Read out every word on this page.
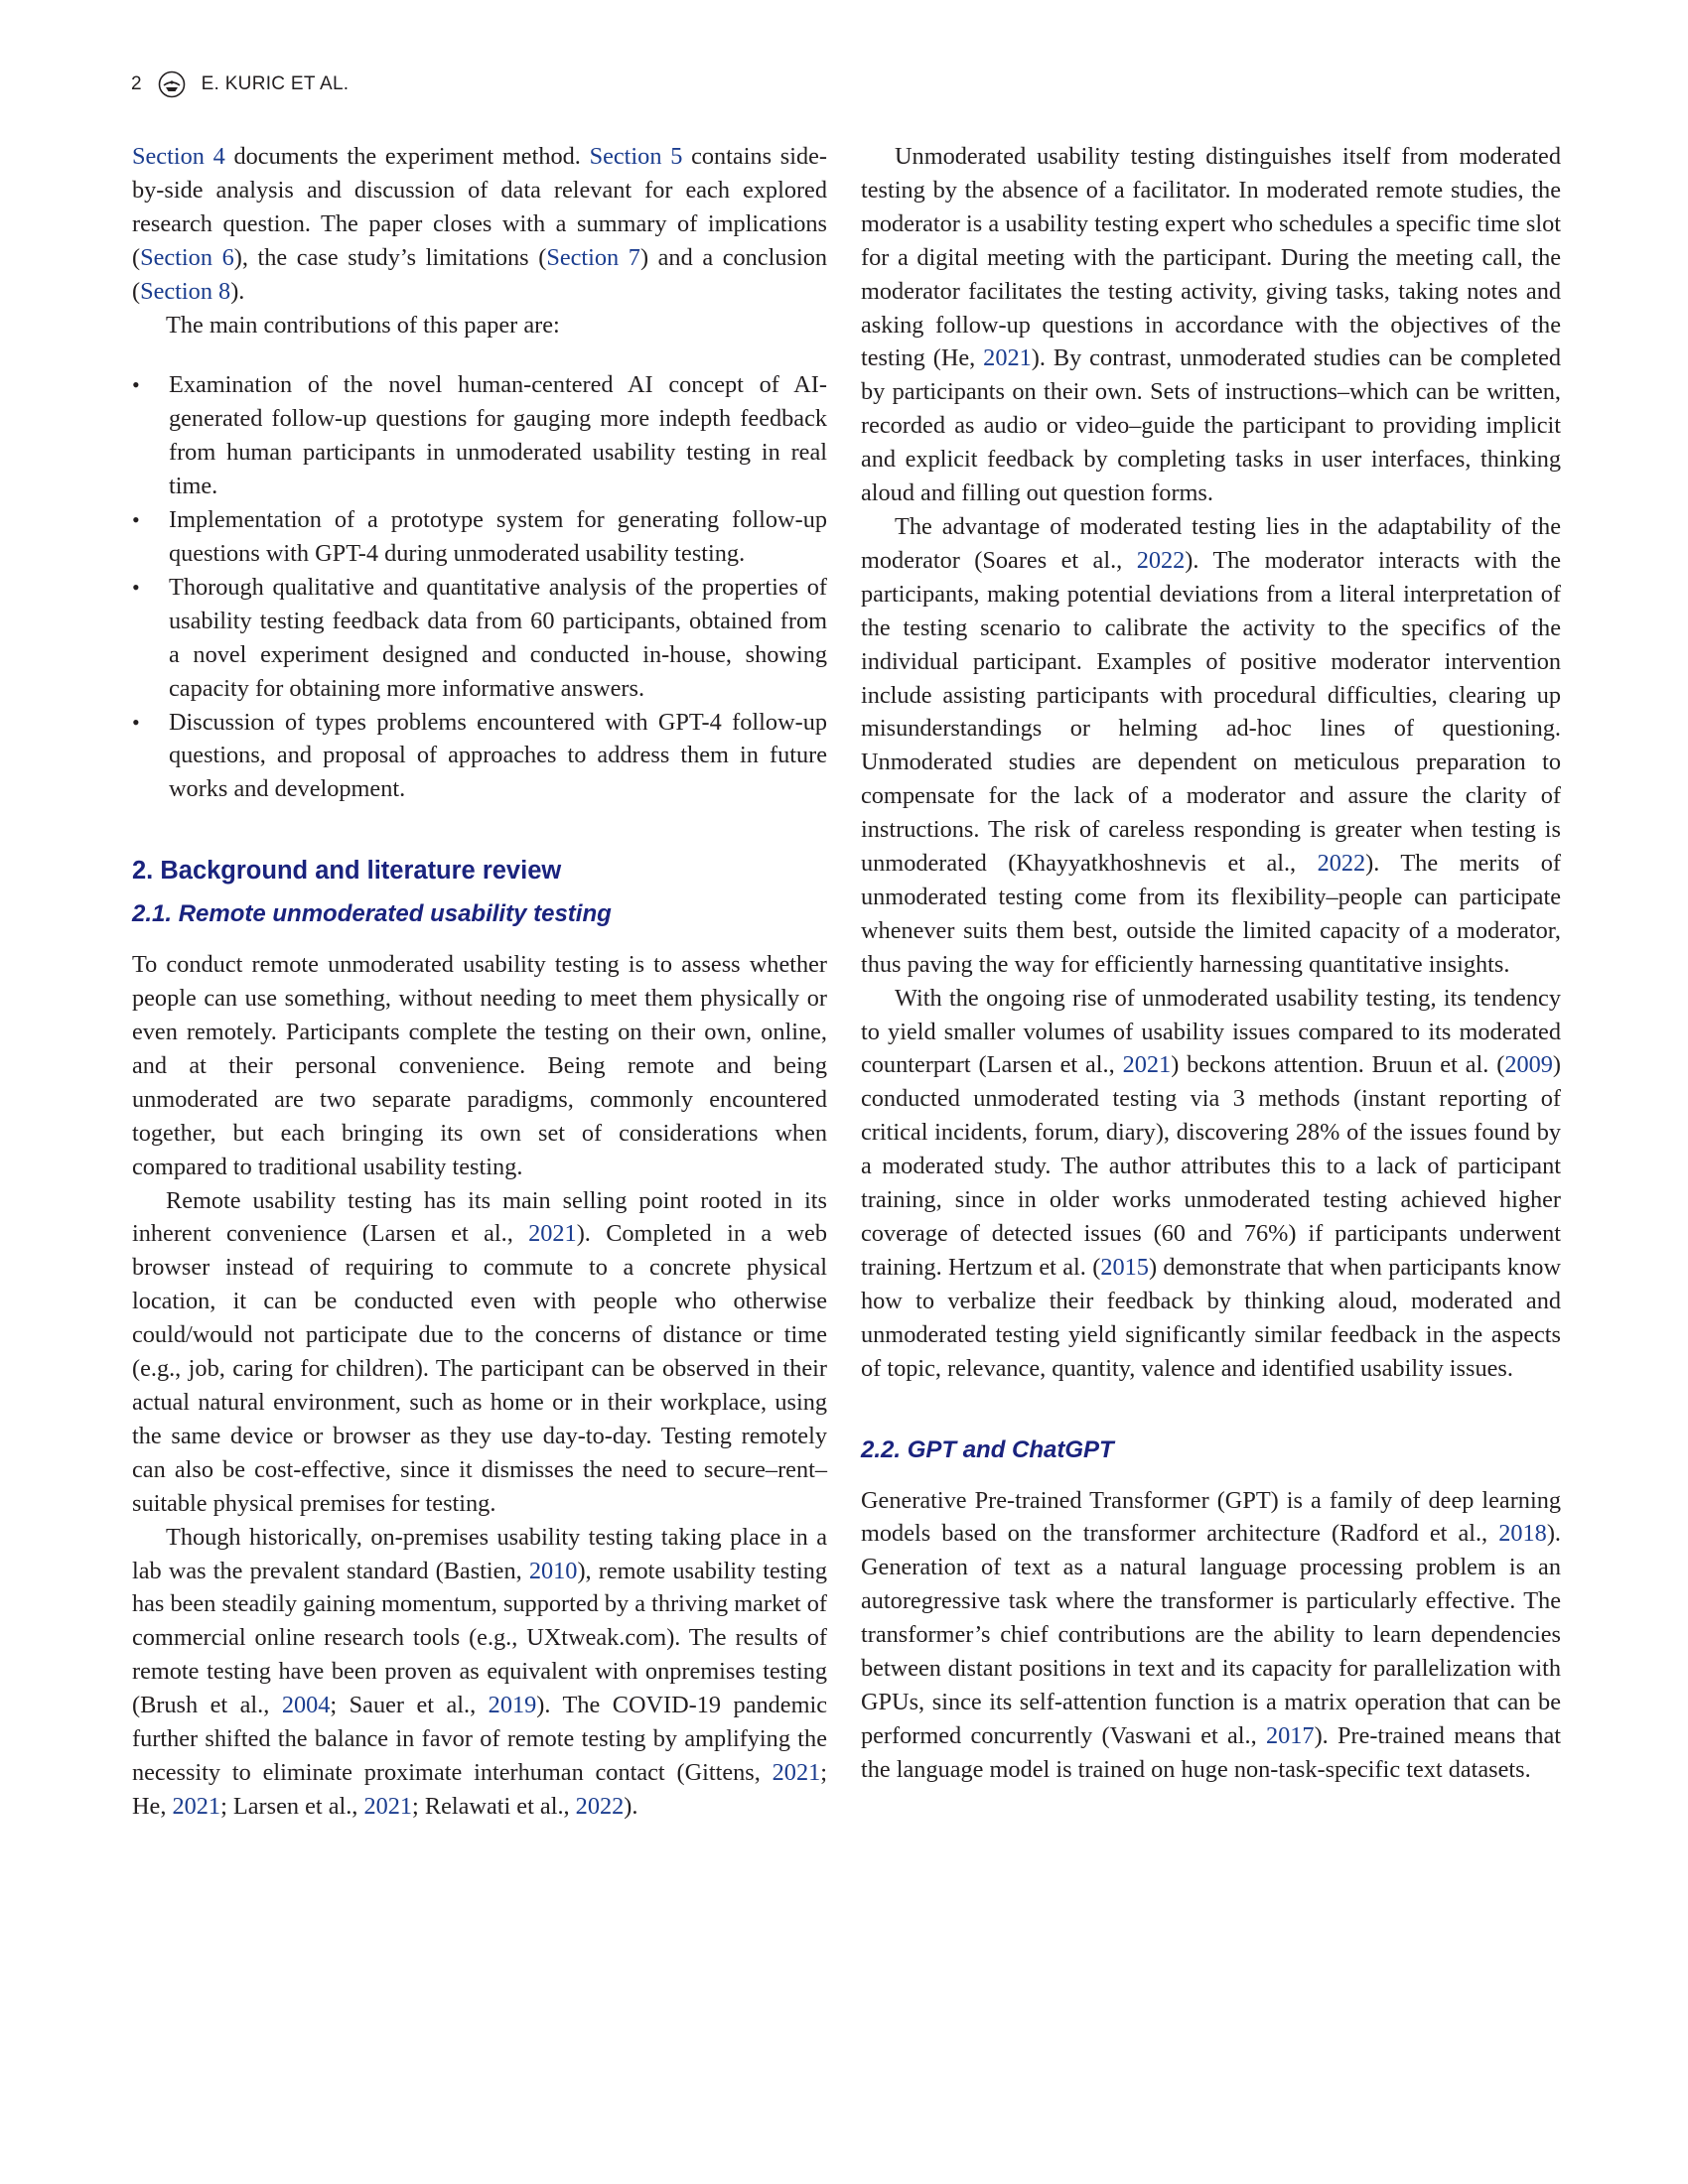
2	E. KURIC ET AL.

Section 4 documents the experiment method. Section 5 contains side-by-side analysis and discussion of data relevant for each explored research question. The paper closes with a summary of implications (Section 6), the case study’s limitations (Section 7) and a conclusion (Section 8).

The main contributions of this paper are:

• Examination of the novel human-centered AI concept of AI-generated follow-up questions for gauging more indepth feedback from human participants in unmoderated usability testing in real time.
• Implementation of a prototype system for generating follow-up questions with GPT-4 during unmoderated usability testing.
• Thorough qualitative and quantitative analysis of the properties of usability testing feedback data from 60 participants, obtained from a novel experiment designed and conducted in-house, showing capacity for obtaining more informative answers.
• Discussion of types problems encountered with GPT-4 follow-up questions, and proposal of approaches to address them in future works and development.
2. Background and literature review
2.1. Remote unmoderated usability testing

To conduct remote unmoderated usability testing is to assess whether people can use something, without needing to meet them physically or even remotely. Participants complete the testing on their own, online, and at their personal convenience. Being remote and being unmoderated are two separate paradigms, commonly encountered together, but each bringing its own set of considerations when compared to traditional usability testing.

Remote usability testing has its main selling point rooted in its inherent convenience (Larsen et al., 2021). Completed in a web browser instead of requiring to commute to a concrete physical location, it can be conducted even with people who otherwise could/would not participate due to the concerns of distance or time (e.g., job, caring for children). The participant can be observed in their actual natural environment, such as home or in their workplace, using the same device or browser as they use day-to-day. Testing remotely can also be cost-effective, since it dismisses the need to secure–rent–suitable physical premises for testing.

Though historically, on-premises usability testing taking place in a lab was the prevalent standard (Bastien, 2010), remote usability testing has been steadily gaining momentum, supported by a thriving market of commercial online research tools (e.g., UXtweak.com). The results of remote testing have been proven as equivalent with onpremises testing (Brush et al., 2004; Sauer et al., 2019). The COVID-19 pandemic further shifted the balance in favor of remote testing by amplifying the necessity to eliminate proximate interhuman contact (Gittens, 2021; He, 2021; Larsen et al., 2021; Relawati et al., 2022).

Unmoderated usability testing distinguishes itself from moderated testing by the absence of a facilitator. In moderated remote studies, the moderator is a usability testing expert who schedules a specific time slot for a digital meeting with the participant. During the meeting call, the moderator facilitates the testing activity, giving tasks, taking notes and asking follow-up questions in accordance with the objectives of the testing (He, 2021). By contrast, unmoderated studies can be completed by participants on their own. Sets of instructions–which can be written, recorded as audio or video–guide the participant to providing implicit and explicit feedback by completing tasks in user interfaces, thinking aloud and filling out question forms.

The advantage of moderated testing lies in the adaptability of the moderator (Soares et al., 2022). The moderator interacts with the participants, making potential deviations from a literal interpretation of the testing scenario to calibrate the activity to the specifics of the individual participant. Examples of positive moderator intervention include assisting participants with procedural difficulties, clearing up misunderstandings or helming ad-hoc lines of questioning. Unmoderated studies are dependent on meticulous preparation to compensate for the lack of a moderator and assure the clarity of instructions. The risk of careless responding is greater when testing is unmoderated (Khayyatkhoshnevis et al., 2022). The merits of unmoderated testing come from its flexibility–people can participate whenever suits them best, outside the limited capacity of a moderator, thus paving the way for efficiently harnessing quantitative insights.

With the ongoing rise of unmoderated usability testing, its tendency to yield smaller volumes of usability issues compared to its moderated counterpart (Larsen et al., 2021) beckons attention. Bruun et al. (2009) conducted unmoderated testing via 3 methods (instant reporting of critical incidents, forum, diary), discovering 28% of the issues found by a moderated study. The author attributes this to a lack of participant training, since in older works unmoderated testing achieved higher coverage of detected issues (60 and 76%) if participants underwent training. Hertzum et al. (2015) demonstrate that when participants know how to verbalize their feedback by thinking aloud, moderated and unmoderated testing yield significantly similar feedback in the aspects of topic, relevance, quantity, valence and identified usability issues.

2.2. GPT and ChatGPT

Generative Pre-trained Transformer (GPT) is a family of deep learning models based on the transformer architecture (Radford et al., 2018). Generation of text as a natural language processing problem is an autoregressive task where the transformer is particularly effective. The transformer’s chief contributions are the ability to learn dependencies between distant positions in text and its capacity for parallelization with GPUs, since its self-attention function is a matrix operation that can be performed concurrently (Vaswani et al., 2017). Pre-trained means that the language model is trained on huge non-task-specific text datasets.
